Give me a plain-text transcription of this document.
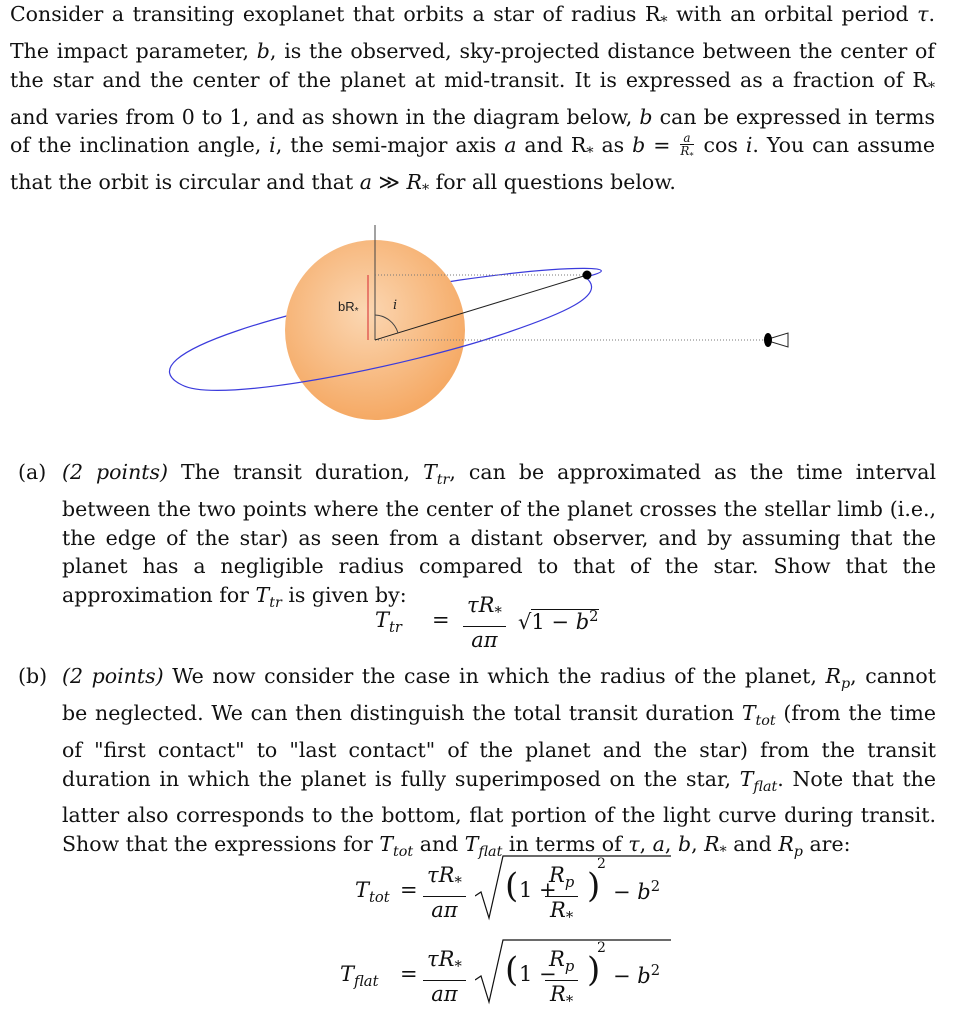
Consider a transiting exoplanet that orbits a star of radius $R_*$ with an orbital period τ. The impact parameter, b, is the observed, sky-projected distance between the center of the star and the center of the planet at mid-transit. It is expressed as a fraction of $R_*$ and varies from 0 to 1, and as shown in the diagram below, b can be expressed in terms of the inclination angle, i, the semi-major axis a and $R_*$ as $b = \frac{a}{R_*}$ cos i. You can assume that the orbit is circular and that a ≫ $R_*$ for all questions below.

$bR_*$	i
(a) (2 points) The transit duration, $T_{tr}$, can be approximated as the time interval between the two points where the center of the planet crosses the stellar limb (i.e., the edge of the star) as seen from a distant observer, and by assuming that the planet has a negligible radius compared to that of the star. Show that the approximation for $T_{tr}$ is given by:
$T_{tr}$ =
$\tau R_*$
aπ
$√1 - b^2$
(b) (2 points) We now consider the case in which the radius of the planet, $R_p$, cannot be neglected. We can then distinguish the total transit duration $T_{tot}$ (from the time of "first contact" to "last contact" of the planet and the star) from the transit duration in which the planet is fully superimposed on the star, $T_{flat}$. Note that the latter also corresponds to the bottom, flat portion of the light curve during transit. Show that the expressions for $T_{tot}$ and $T_{flat}$ in terms of τ, a, b, $R_*$ and $R_p$ are:
$T_{tot}$ =
$\tau R_*$
aπ
( 1 +
$R_p$
$R_*$
)
2
− $b^2$
$T_{flat}$ =
$\tau R_*$
aπ
( 1 −
$R_p$
$R_*$
)
2
− $b^2$
